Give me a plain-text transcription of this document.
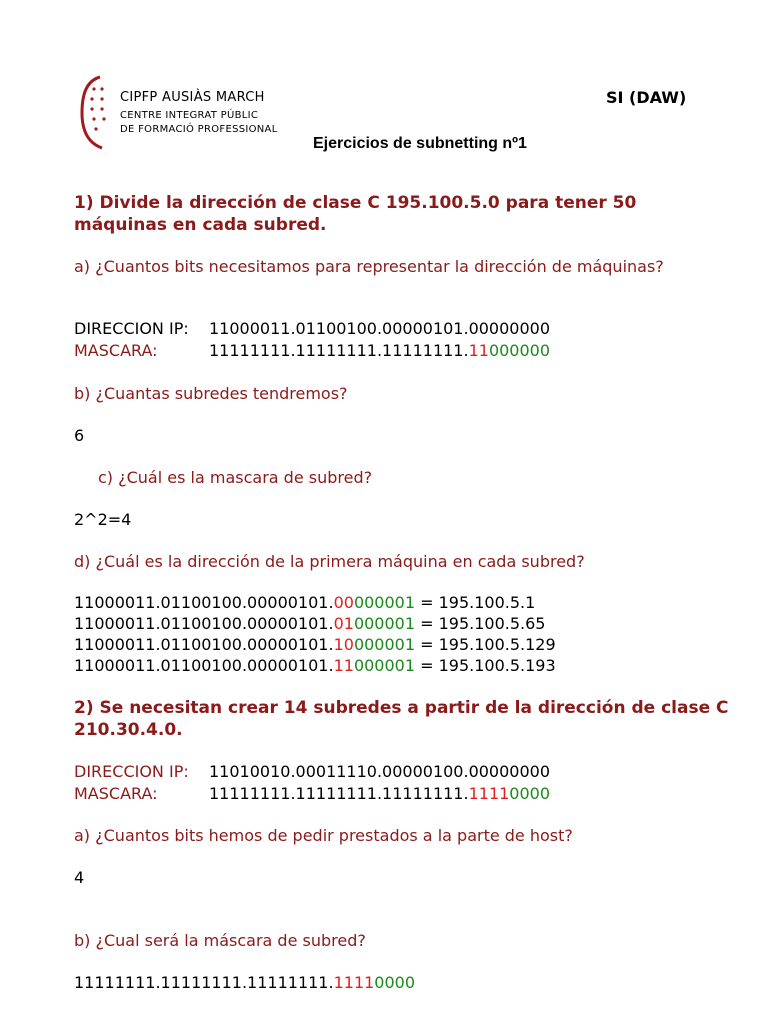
CIPFP AUSIÀS MARCH
CENTRE INTEGRAT PÚBLIC
DE FORMACIÓ PROFESSIONAL
SI (DAW)
Ejercicios de subnetting nº1
1) Divide la dirección de clase C 195.100.5.0 para tener 50 máquinas en cada subred.
a) ¿Cuantos bits necesitamos para representar la dirección de máquinas?
DIRECCION IP: 11000011.01100100.00000101.00000000
MASCARA:	11111111.11111111.11111111.11000000
b) ¿Cuantas subredes tendremos?
6
c) ¿Cuál es la mascara de subred?
2^2=4
d) ¿Cuál es la dirección de la primera máquina en cada subred?
11000011.01100100.00000101.00000001 = 195.100.5.1
11000011.01100100.00000101.01000001 = 195.100.5.65
11000011.01100100.00000101.10000001 = 195.100.5.129
11000011.01100100.00000101.11000001 = 195.100.5.193
2) Se necesitan crear 14 subredes a partir de la dirección de clase C 210.30.4.0.
DIRECCION IP: 11010010.00011110.00000100.00000000
MASCARA:	11111111.11111111.11111111.11110000
a) ¿Cuantos bits hemos de pedir prestados a la parte de host?
4
b) ¿Cual será la máscara de subred?
11111111.11111111.11111111.11110000
